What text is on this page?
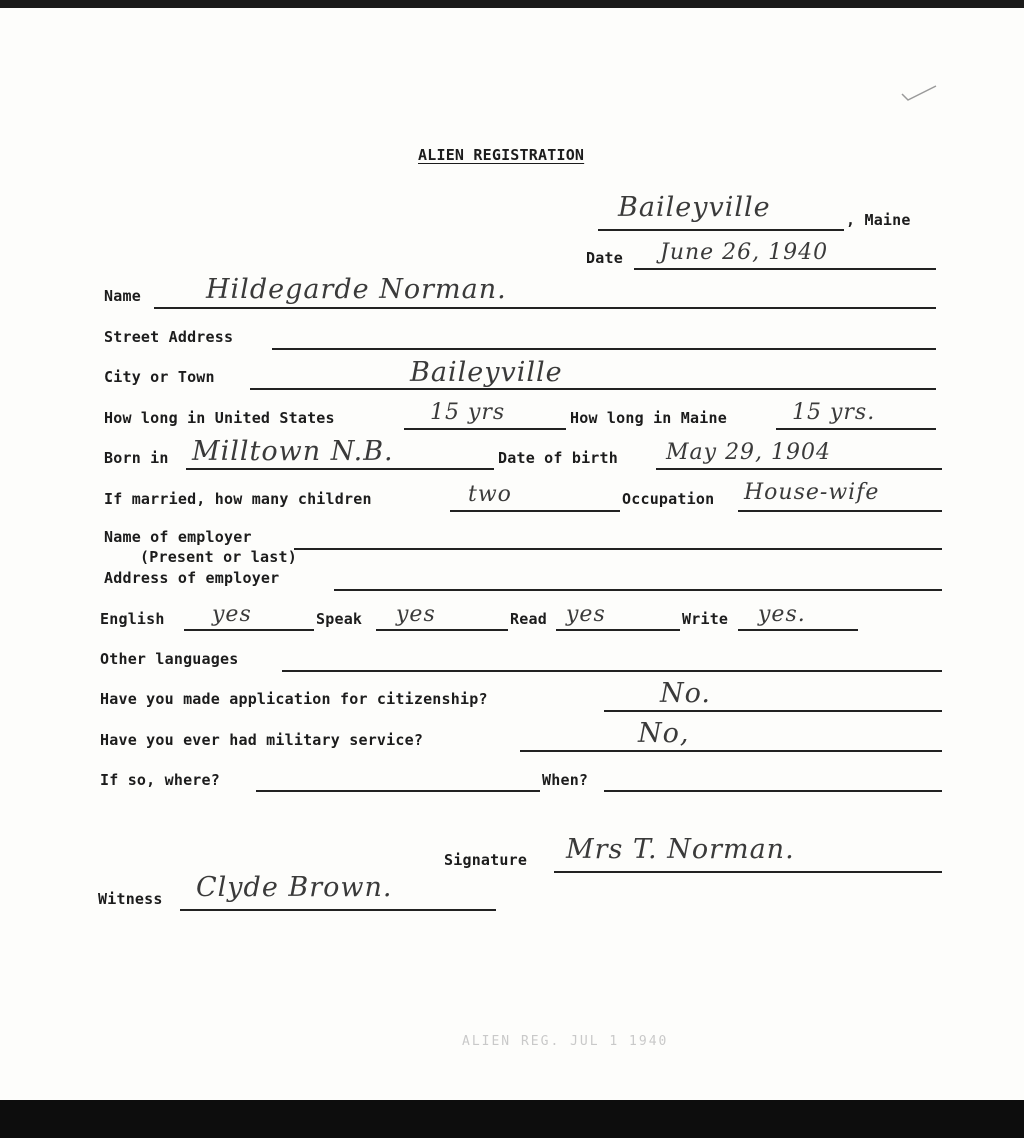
ALIEN REGISTRATION
Baileyville	, Maine
Date June 26, 1940
Name Hildegarde Norman.
Street Address
City or Town	Baileyville
How long in United States	15 yrs	How long in Maine	15 yrs.
Born in Milltown N.B.	Date of birth May 29, 1904
If married, how many children	two	Occupation House-wife
Name of employer
(Present or last)
Address of employer
English yes	Speak yes	Read yes	Write yes.
Other languages
Have you made application for citizenship?	No.
Have you ever had military service?	No,
If so, where?	When?
Signature Mrs T. Norman.
Witness Clyde Brown.
ALIEN REG. JUL 1 1940
